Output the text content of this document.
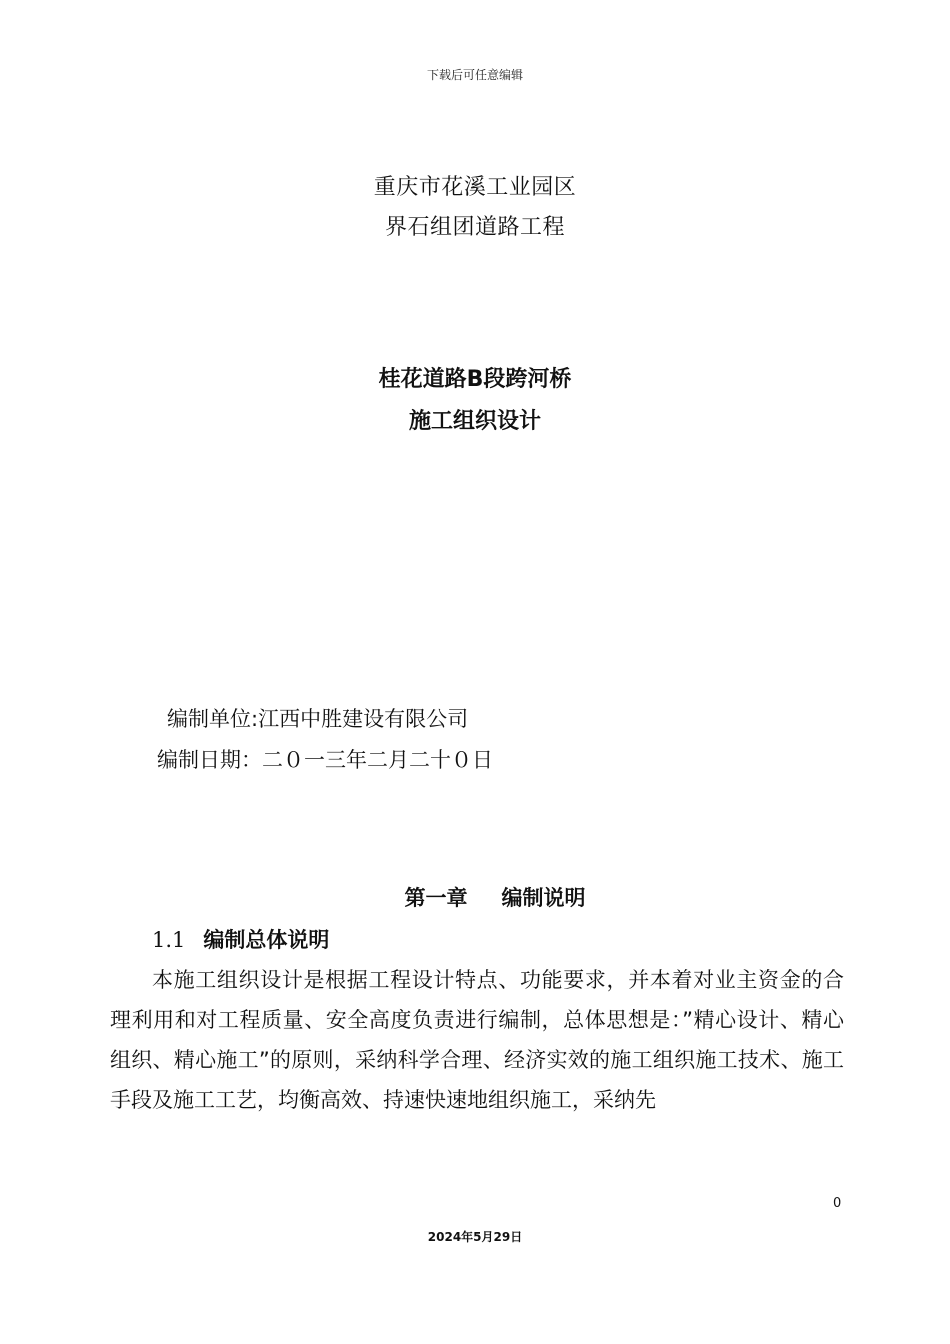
下载后可任意编辑
重庆市花溪工业园区
界石组团道路工程
桂花道路B段跨河桥
施工组织设计
编制单位:江西中胜建设有限公司
编制日期：二０一三年二月二十０日
第一章 编制说明
1.1 编制总体说明

本施工组织设计是根据工程设计特点、功能要求，并本着对业主资金的合理利用和对工程质量、安全高度负责进行编制，总体思想是：”精心设计、精心组织、精心施工”的原则，采纳科学合理、经济实效的施工组织施工技术、施工手段及施工工艺，均衡高效、持速快速地组织施工，采纳先

0
2024年5月29日
